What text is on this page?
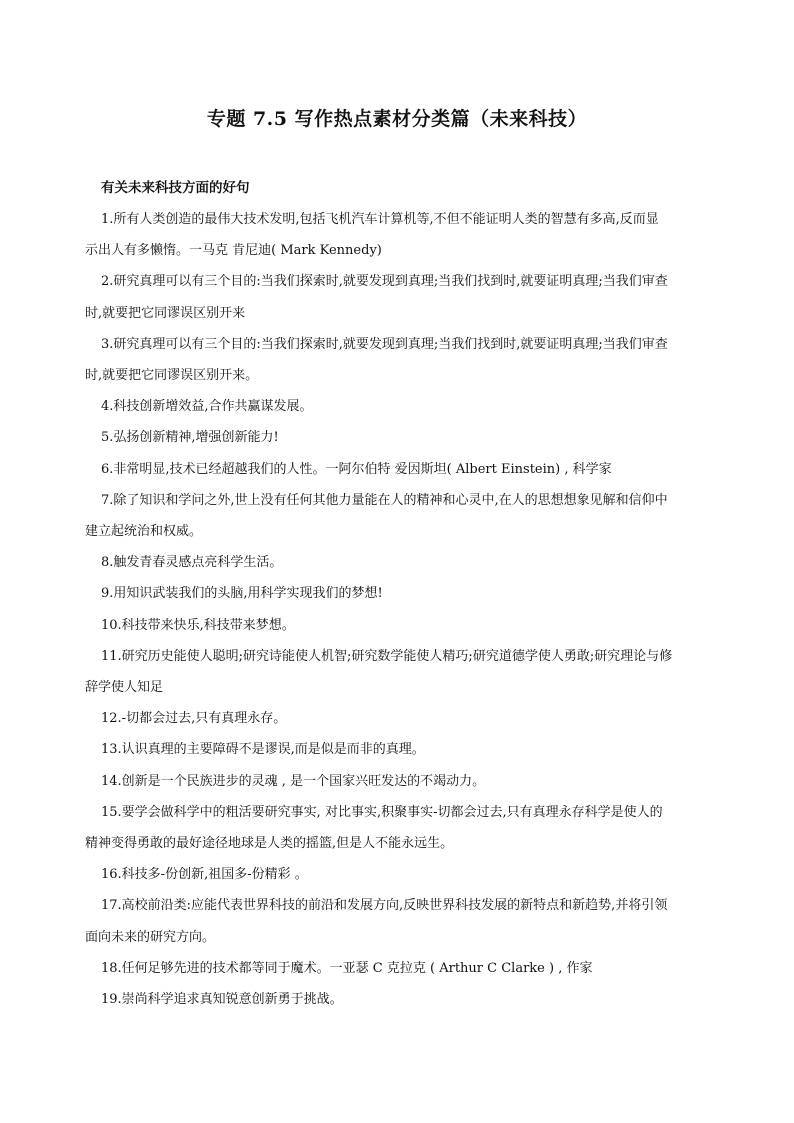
专题 7.5 写作热点素材分类篇（未来科技）
有关未来科技方面的好句
1.所有人类创造的最伟大技术发明,包括飞机汽车计算机等,不但不能证明人类的智慧有多高,反而显
示出人有多懒惰。一马克 肯尼迪( Mark Kennedy)
2.研究真理可以有三个目的:当我们探索时,就要发现到真理;当我们找到时,就要证明真理;当我们审查
时,就要把它同谬误区别开来
3.研究真理可以有三个目的:当我们探索时,就要发现到真理;当我们找到时,就要证明真理;当我们审查
时,就要把它同谬误区别开来。
4.科技创新增效益,合作共赢谋发展。
5.弘扬创新精神,增强创新能力!
6.非常明显,技术已经超越我们的人性。一阿尔伯特 爱因斯坦( Albert Einstein) , 科学家
7.除了知识和学问之外,世上没有任何其他力量能在人的精神和心灵中,在人的思想想象见解和信仰中
建立起统治和权威。
8.触发青春灵感点亮科学生活。
9.用知识武装我们的头脑,用科学实现我们的梦想!
10.科技带来快乐,科技带来梦想。
11.研究历史能使人聪明;研究诗能使人机智;研究数学能使人精巧;研究道德学使人勇敢;研究理论与修
辞学使人知足
12.-切都会过去,只有真理永存。
13.认识真理的主要障碍不是谬误,而是似是而非的真理。
14.创新是一个民族进步的灵魂 , 是一个国家兴旺发达的不竭动力。
15.要学会做科学中的粗活要研究事实, 对比事实,积聚事实-切都会过去,只有真理永存科学是使人的
精神变得勇敢的最好途径地球是人类的摇篮,但是人不能永远生。
16.科技多-份创新,祖国多-份精彩 。
17.高校前沿类:应能代表世界科技的前沿和发展方向,反映世界科技发展的新特点和新趋势,并将引领
面向未来的研究方向。
18.任何足够先进的技术都等同于魔术。一亚瑟 C 克拉克 ( Arthur C Clarke ) , 作家
19.崇尚科学追求真知锐意创新勇于挑战。
